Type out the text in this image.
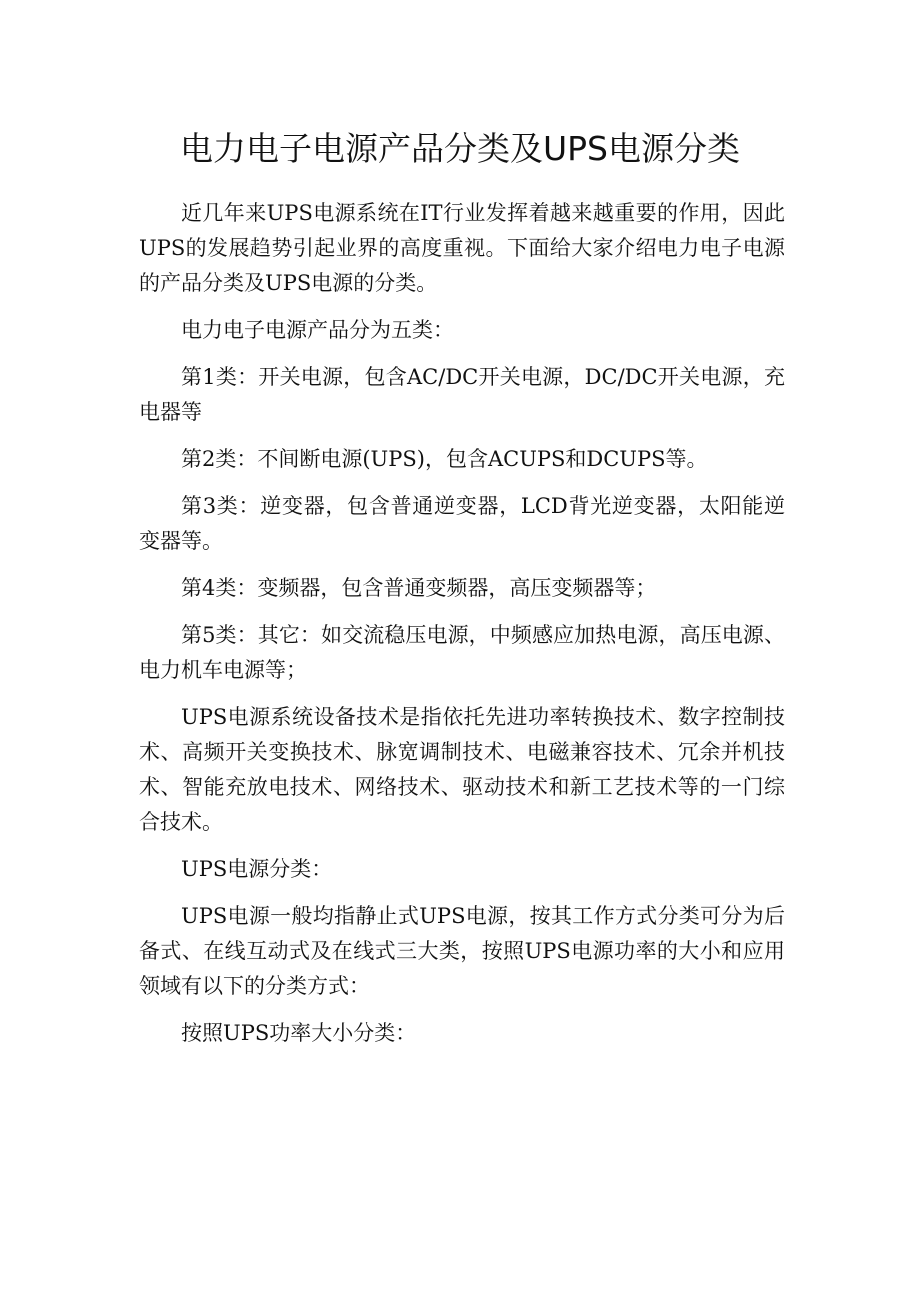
电力电子电源产品分类及UPS电源分类

近几年来UPS电源系统在IT行业发挥着越来越重要的作用，因此UPS的发展趋势引起业界的高度重视。下面给大家介绍电力电子电源的产品分类及UPS电源的分类。

电力电子电源产品分为五类：

第1类：开关电源，包含AC/DC开关电源，DC/DC开关电源，充电器等

第2类：不间断电源(UPS)，包含ACUPS和DCUPS等。

第3类：逆变器，包含普通逆变器，LCD背光逆变器，太阳能逆变器等。

第4类：变频器，包含普通变频器，高压变频器等；

第5类：其它：如交流稳压电源，中频感应加热电源，高压电源、电力机车电源等；

UPS电源系统设备技术是指依托先进功率转换技术、数字控制技术、高频开关变换技术、脉宽调制技术、电磁兼容技术、冗余并机技术、智能充放电技术、网络技术、驱动技术和新工艺技术等的一门综合技术。

UPS电源分类：

UPS电源一般均指静止式UPS电源，按其工作方式分类可分为后备式、在线互动式及在线式三大类，按照UPS电源功率的大小和应用领域有以下的分类方式：

按照UPS功率大小分类：
